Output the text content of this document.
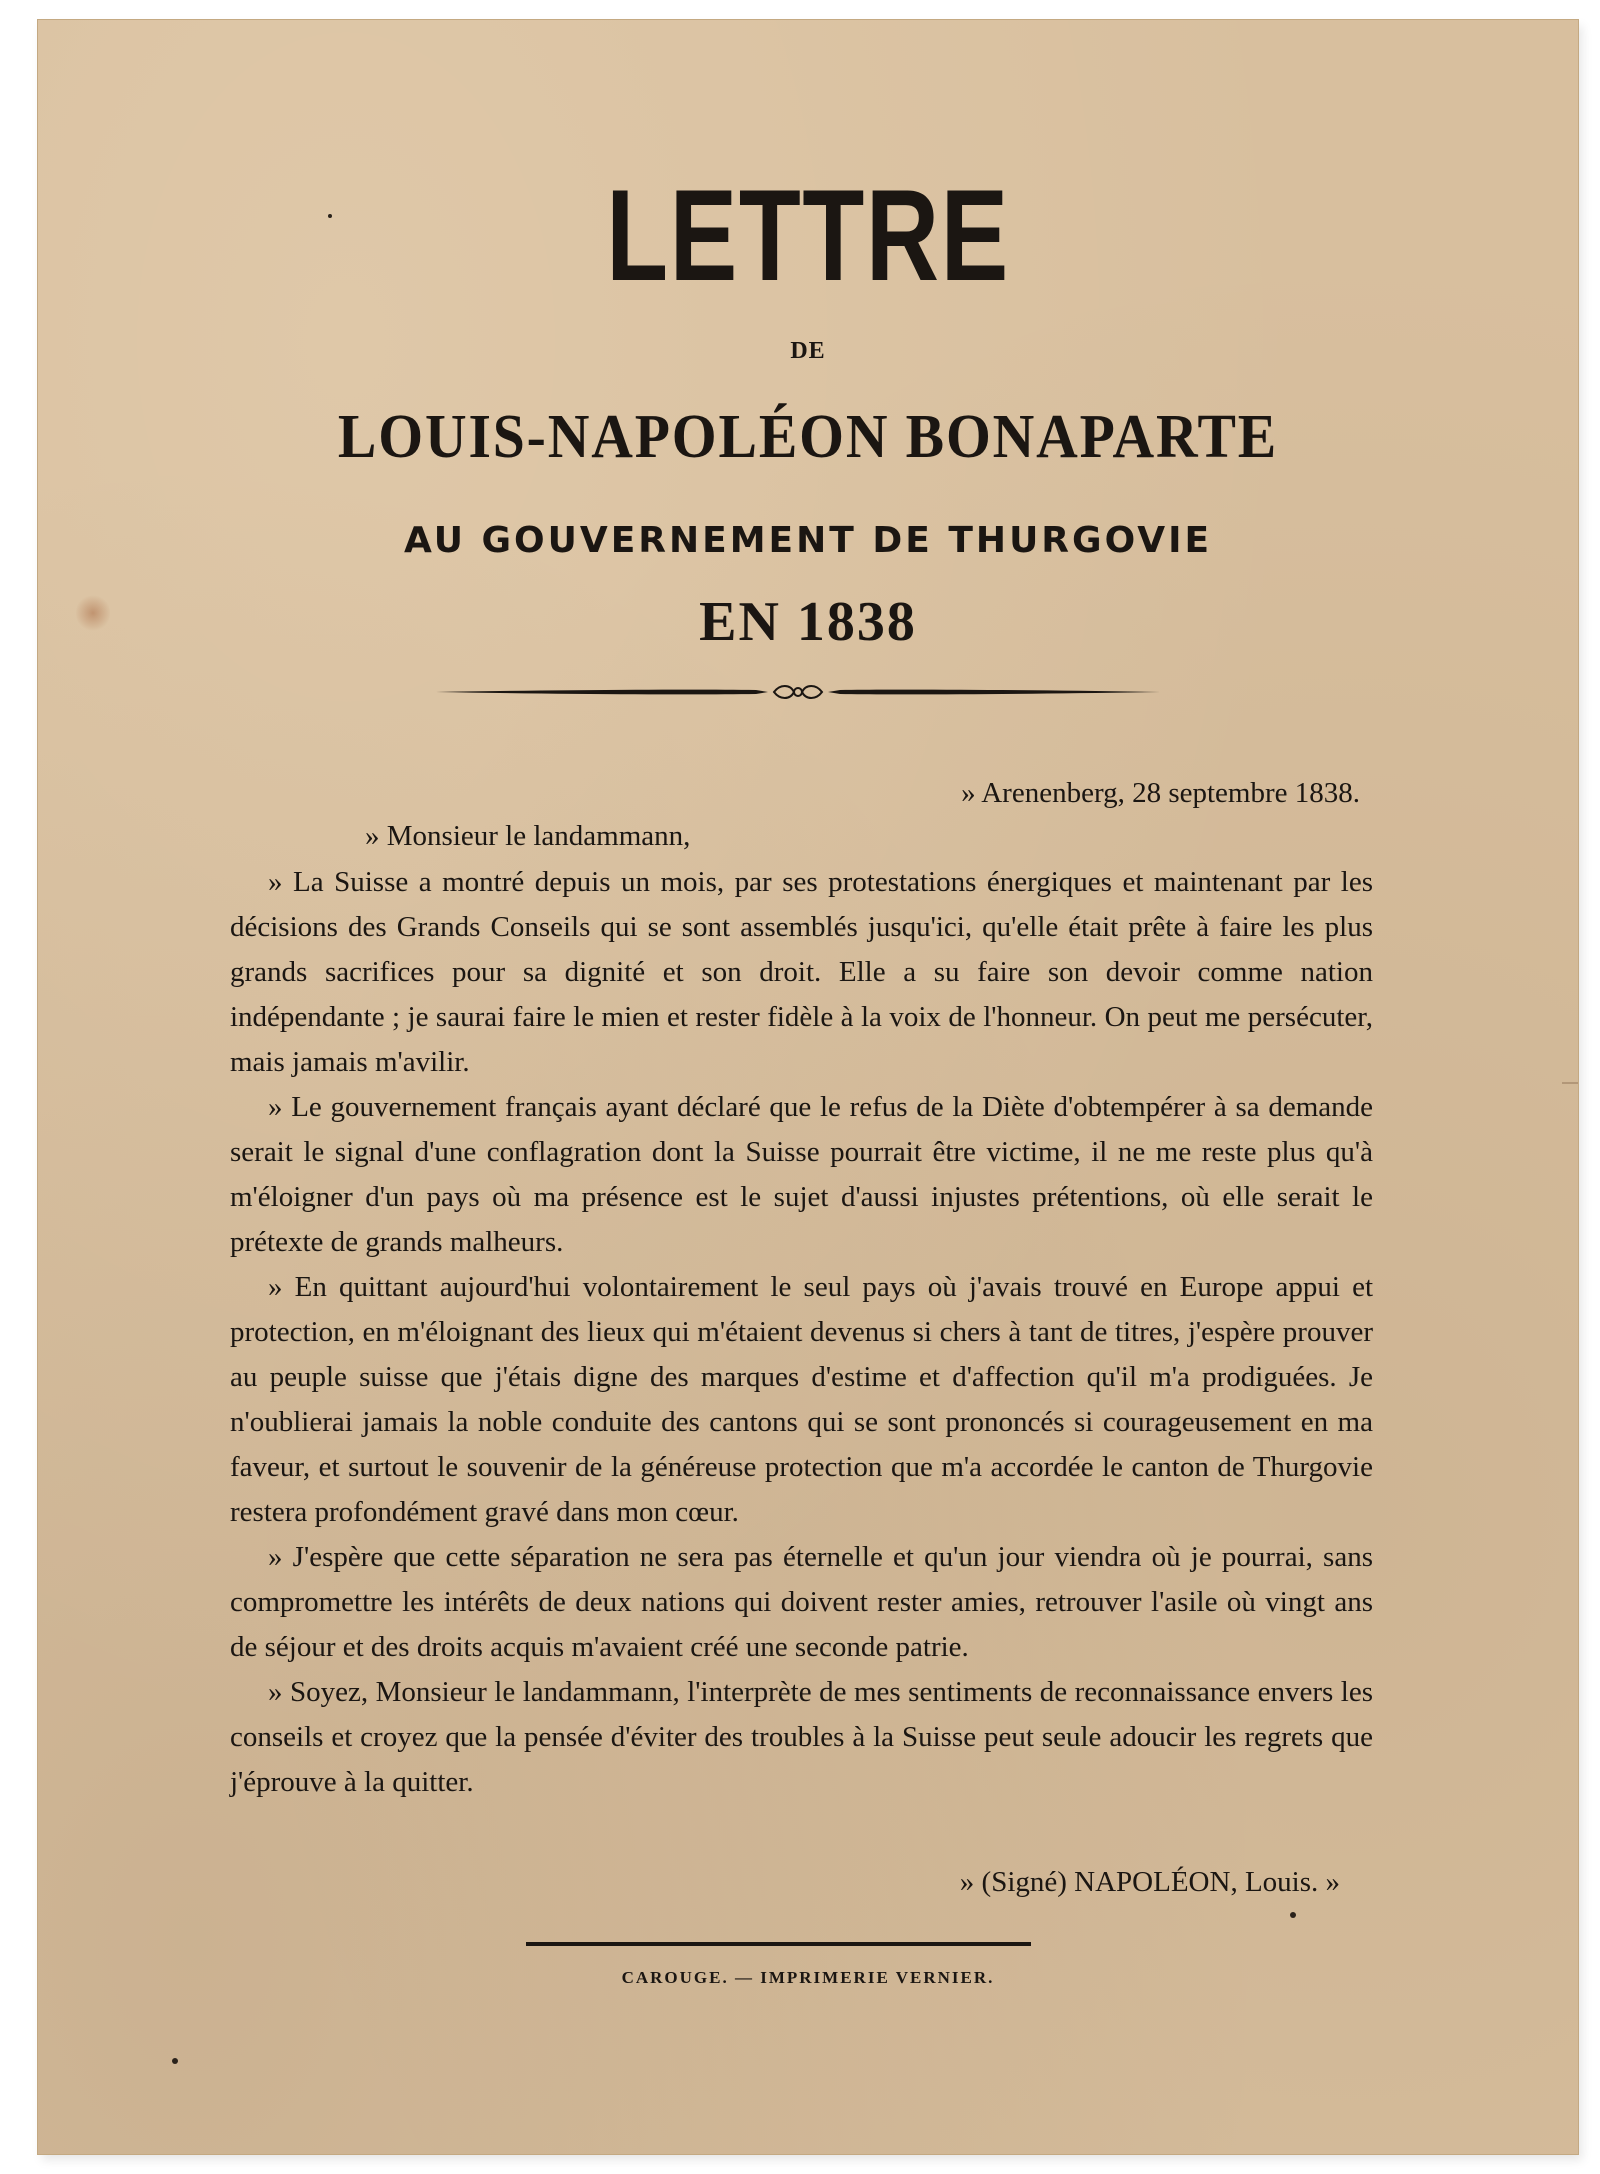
LETTRE
DE
LOUIS-NAPOLÉON BONAPARTE
AU GOUVERNEMENT DE THURGOVIE
EN 1838
» Arenenberg, 28 septembre 1838.
» Monsieur le landammann,

» La Suisse a montré depuis un mois, par ses protestations énergiques et maintenant par les décisions des Grands Conseils qui se sont assemblés jusqu'ici, qu'elle était prête à faire les plus grands sacrifices pour sa dignité et son droit. Elle a su faire son devoir comme nation indépendante ; je saurai faire le mien et rester fidèle à la voix de l'honneur. On peut me persécuter, mais jamais m'avilir.

» Le gouvernement français ayant déclaré que le refus de la Diète d'obtempérer à sa demande serait le signal d'une conflagration dont la Suisse pourrait être victime, il ne me reste plus qu'à m'éloigner d'un pays où ma présence est le sujet d'aussi injustes prétentions, où elle serait le prétexte de grands malheurs.

» En quittant aujourd'hui volontairement le seul pays où j'avais trouvé en Europe appui et protection, en m'éloignant des lieux qui m'étaient devenus si chers à tant de titres, j'espère prouver au peuple suisse que j'étais digne des marques d'estime et d'affection qu'il m'a prodiguées. Je n'oublierai jamais la noble conduite des cantons qui se sont prononcés si courageusement en ma faveur, et surtout le souvenir de la généreuse protection que m'a accordée le canton de Thurgovie restera profondément gravé dans mon cœur.

» J'espère que cette séparation ne sera pas éternelle et qu'un jour viendra où je pourrai, sans compromettre les intérêts de deux nations qui doivent rester amies, retrouver l'asile où vingt ans de séjour et des droits acquis m'avaient créé une seconde patrie.

» Soyez, Monsieur le landammann, l'interprète de mes sentiments de reconnaissance envers les conseils et croyez que la pensée d'éviter des troubles à la Suisse peut seule adoucir les regrets que j'éprouve à la quitter.

» (Signé) NAPOLÉON, Louis. »
CAROUGE. — IMPRIMERIE VERNIER.
